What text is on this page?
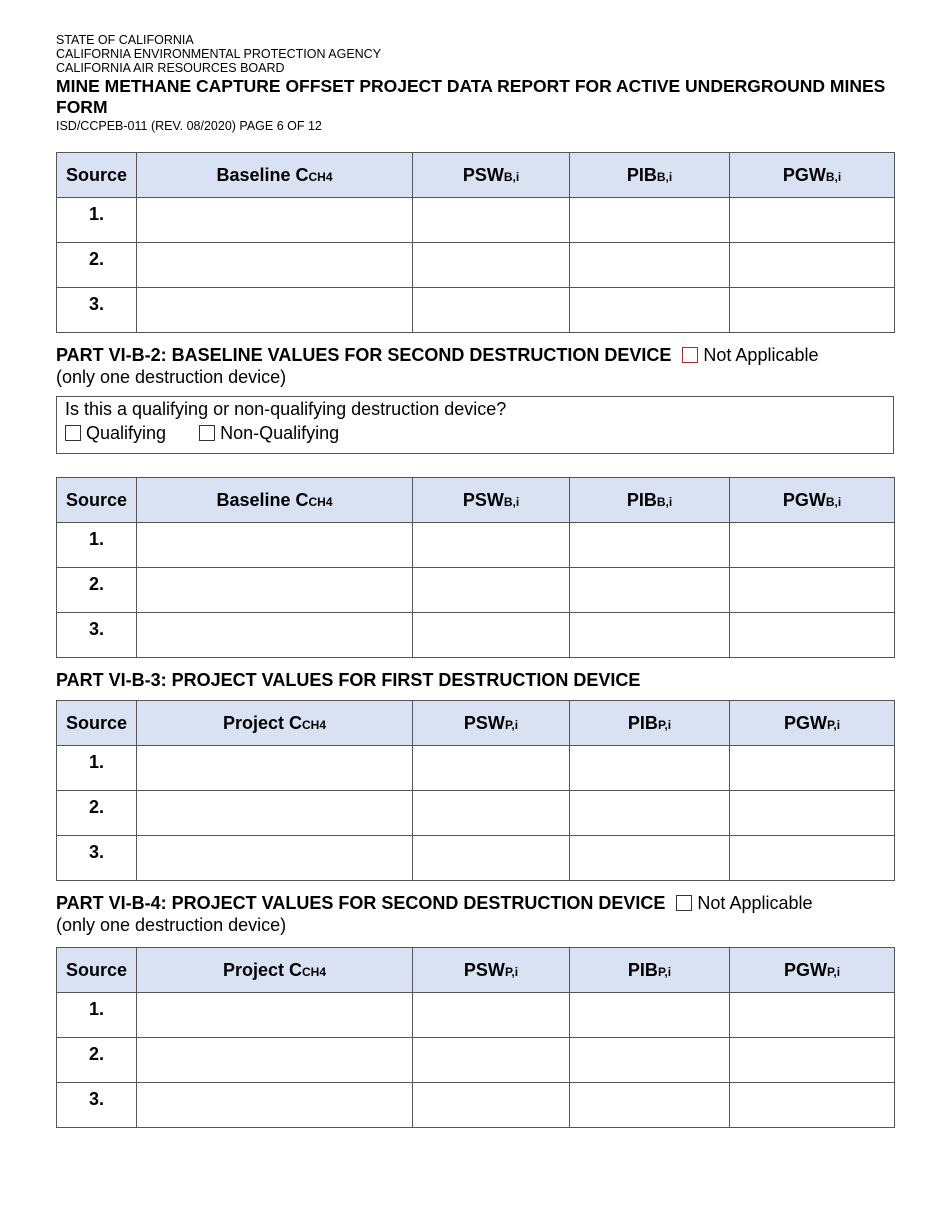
STATE OF CALIFORNIA
CALIFORNIA ENVIRONMENTAL PROTECTION AGENCY
CALIFORNIA AIR RESOURCES BOARD
MINE METHANE CAPTURE OFFSET PROJECT DATA REPORT FOR ACTIVE UNDERGROUND MINES FORM
ISD/CCPEB-011 (REV. 08/2020) PAGE 6 OF 12
Source	Baseline CCH4	PSWB,i	PIBB,i	PGWB,i
1.				
2.				
3.				
PART VI-B-2: BASELINE VALUES FOR SECOND DESTRUCTION DEVICE Not Applicable
(only one destruction device)
Is this a qualifying or non-qualifying destruction device?
Qualifying	Non-Qualifying
Source	Baseline CCH4	PSWB,i	PIBB,i	PGWB,i
1.				
2.				
3.				
PART VI-B-3: PROJECT VALUES FOR FIRST DESTRUCTION DEVICE
Source	Project CCH4	PSWP,i	PIBP,i	PGWP,i
1.				
2.				
3.				
PART VI-B-4: PROJECT VALUES FOR SECOND DESTRUCTION DEVICE Not Applicable
(only one destruction device)
Source	Project CCH4	PSWP,i	PIBP,i	PGWP,i
1.				
2.				
3.				
